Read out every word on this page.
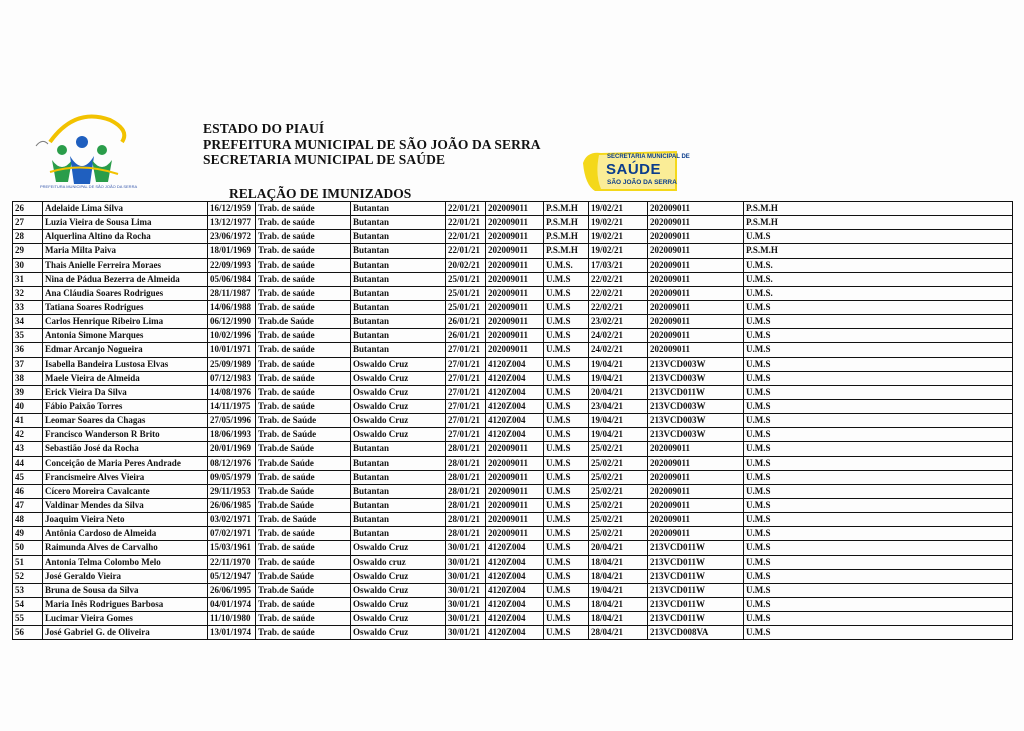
PREFEITURA MUNICIPAL DE SÃO JOÃO DA SERRA
ESTADO DO PIAUÍ
PREFEITURA MUNICIPAL DE SÃO JOÃO DA SERRA
SECRETARIA MUNICIPAL DE SAÚDE
RELAÇÃO DE IMUNIZADOS
SECRETARIA MUNICIPAL DE
SAÚDE
SÃO JOÃO DA SERRA
26	Adelaide Lima Silva	16/12/1959	Trab. de saúde	Butantan	22/01/21	202009011	P.S.M.H	19/02/21	202009011	P.S.M.H
27	Luzia Vieira de Sousa Lima	13/12/1977	Trab. de saúde	Butantan	22/01/21	202009011	P.S.M.H	19/02/21	202009011	P.S.M.H
28	Alquerlina Altino da Rocha	23/06/1972	Trab. de saúde	Butantan	22/01/21	202009011	P.S.M.H	19/02/21	202009011	U.M.S
29	Maria Milta Paiva	18/01/1969	Trab. de saúde	Butantan	22/01/21	202009011	P.S.M.H	19/02/21	202009011	P.S.M.H
30	Thais Anielle Ferreira Moraes	22/09/1993	Trab. de saúde	Butantan	20/02/21	202009011	U.M.S.	17/03/21	202009011	U.M.S.
31	Nina de Pádua Bezerra de Almeida	05/06/1984	Trab. de saúde	Butantan	25/01/21	202009011	U.M.S	22/02/21	202009011	U.M.S.
32	Ana Cláudia Soares Rodrigues	28/11/1987	Trab. de saúde	Butantan	25/01/21	202009011	U.M.S	22/02/21	202009011	U.M.S.
33	Tatiana Soares Rodrigues	14/06/1988	Trab. de saúde	Butantan	25/01/21	202009011	U.M.S	22/02/21	202009011	U.M.S
34	Carlos Henrique Ribeiro Lima	06/12/1990	Trab.de Saúde	Butantan	26/01/21	202009011	U.M.S	23/02/21	202009011	U.M.S
35	Antonia Simone Marques	10/02/1996	Trab. de saúde	Butantan	26/01/21	202009011	U.M.S	24/02/21	202009011	U.M.S
36	Edmar Arcanjo Nogueira	10/01/1971	Trab. de saúde	Butantan	27/01/21	202009011	U.M.S	24/02/21	202009011	U.M.S
37	Isabella Bandeira Lustosa Elvas	25/09/1989	Trab. de saúde	Oswaldo Cruz	27/01/21	4120Z004	U.M.S	19/04/21	213VCD003W	U.M.S
38	Maele Vieira de Almeida	07/12/1983	Trab. de saúde	Oswaldo Cruz	27/01/21	4120Z004	U.M.S	19/04/21	213VCD003W	U.M.S
39	Erick Vieira Da Silva	14/08/1976	Trab. de saúde	Oswaldo Cruz	27/01/21	4120Z004	U.M.S	20/04/21	213VCD011W	U.M.S
40	Fábio Paixão Torres	14/11/1975	Trab. de saúde	Oswaldo Cruz	27/01/21	4120Z004	U.M.S	23/04/21	213VCD003W	U.M.S
41	Leomar Soares da Chagas	27/05/1996	Trab. de Saúde	Oswaldo Cruz	27/01/21	4120Z004	U.M.S	19/04/21	213VCD003W	U.M.S
42	Francisco Wanderson R Brito	18/06/1993	Trab. de Saúde	Oswaldo Cruz	27/01/21	4120Z004	U.M.S	19/04/21	213VCD003W	U.M.S
43	Sebastião José da Rocha	20/01/1969	Trab.de Saúde	Butantan	28/01/21	202009011	U.M.S	25/02/21	202009011	U.M.S
44	Conceição de Maria Peres Andrade	08/12/1976	Trab.de Saúde	Butantan	28/01/21	202009011	U.M.S	25/02/21	202009011	U.M.S
45	Francismeire Alves Vieira	09/05/1979	Trab. de saúde	Butantan	28/01/21	202009011	U.M.S	25/02/21	202009011	U.M.S
46	Cícero Moreira Cavalcante	29/11/1953	Trab.de Saúde	Butantan	28/01/21	202009011	U.M.S	25/02/21	202009011	U.M.S
47	Valdinar Mendes da Silva	26/06/1985	Trab.de Saúde	Butantan	28/01/21	202009011	U.M.S	25/02/21	202009011	U.M.S
48	Joaquim Vieira Neto	03/02/1971	Trab. de Saúde	Butantan	28/01/21	202009011	U.M.S	25/02/21	202009011	U.M.S
49	Antônia Cardoso de Almeida	07/02/1971	Trab. de saúde	Butantan	28/01/21	202009011	U.M.S	25/02/21	202009011	U.M.S
50	Raimunda Alves de Carvalho	15/03/1961	Trab. de saúde	Oswaldo Cruz	30/01/21	4120Z004	U.M.S	20/04/21	213VCD011W	U.M.S
51	Antonia Telma Colombo Melo	22/11/1970	Trab. de saúde	Oswaldo cruz	30/01/21	4120Z004	U.M.S	18/04/21	213VCD011W	U.M.S
52	José Geraldo Vieira	05/12/1947	Trab.de Saúde	Oswaldo Cruz	30/01/21	4120Z004	U.M.S	18/04/21	213VCD011W	U.M.S
53	Bruna de Sousa da Silva	26/06/1995	Trab.de Saúde	Oswaldo Cruz	30/01/21	4120Z004	U.M.S	19/04/21	213VCD011W	U.M.S
54	Maria Inês Rodrigues Barbosa	04/01/1974	Trab. de saúde	Oswaldo Cruz	30/01/21	4120Z004	U.M.S	18/04/21	213VCD011W	U.M.S
55	Lucimar Vieira Gomes	11/10/1980	Trab. de saúde	Oswaldo Cruz	30/01/21	4120Z004	U.M.S	18/04/21	213VCD011W	U.M.S
56	José Gabriel G. de Oliveira	13/01/1974	Trab. de saúde	Oswaldo Cruz	30/01/21	4120Z004	U.M.S	28/04/21	213VCD008VA	U.M.S
